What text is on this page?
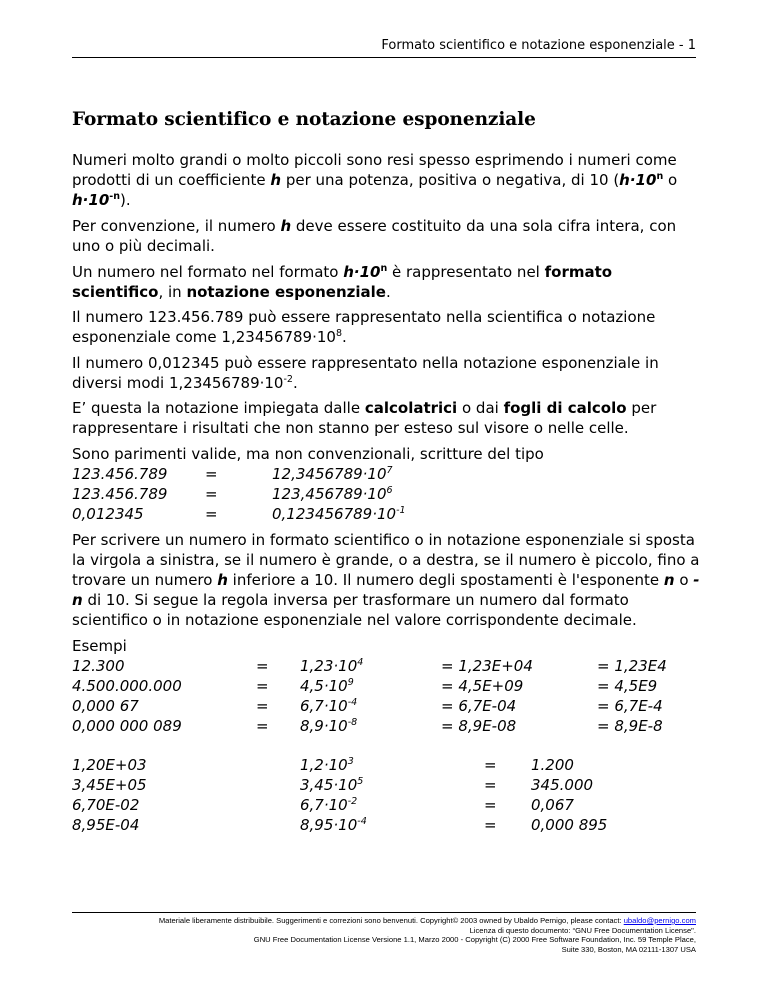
Formato scientifico e notazione esponenziale - 1
Formato scientifico e notazione esponenziale
Numeri molto grandi o molto piccoli sono resi spesso esprimendo i numeri come prodotti di un coefficiente h per una potenza, positiva o negativa, di 10 ($h\cdot 10^n$ o $h\cdot 10^{-n}$).
Per convenzione, il numero h deve essere costituito da una sola cifra intera, con uno o più decimali.
Un numero nel formato nel formato $h\cdot 10^n$ è rappresentato nel formato scientifico, in notazione esponenziale.
Il numero 123.456.789 può essere rappresentato nella scientifica o notazione esponenziale come $1,23456789\cdot 10^8$.
Il numero 0,012345 può essere rappresentato nella notazione esponenziale in diversi modi $1,23456789\cdot 10^{-2}$.
E’ questa la notazione impiegata dalle calcolatrici o dai fogli di calcolo per rappresentare i risultati che non stanno per esteso sul visore o nelle celle.
Sono parimenti valide, ma non convenzionali, scritture del tipo
123.456.789	=	$12,3456789\cdot 10^7$
123.456.789	=	$123,456789\cdot 10^6$
0,012345	=	$0,123456789\cdot 10^{-1}$
Per scrivere un numero in formato scientifico o in notazione esponenziale si sposta la virgola a sinistra, se il numero è grande, o a destra, se il numero è piccolo, fino a trovare un numero h inferiore a 10. Il numero degli spostamenti è l'esponente n o -n di 10. Si segue la regola inversa per trasformare un numero dal formato scientifico o in notazione esponenziale nel valore corrispondente decimale.
Esempi
12.300	= $1,23\cdot 10^4$	= 1,23E+04	= 1,23E4
4.500.000.000	= $4,5\cdot 10^9$	= 4,5E+09	= 4,5E9
0,000 67	= $6,7\cdot 10^{-4}$	= 6,7E-04	= 6,7E-4
0,000 000 089	= $8,9\cdot 10^{-8}$	= 8,9E-08	= 8,9E-8
1,20E+03	$1,2\cdot 10^3$	= 1.200
3,45E+05	$3,45\cdot 10^5$	= 345.000
6,70E-02	$6,7\cdot 10^{-2}$	= 0,067
8,95E-04	$8,95\cdot 10^{-4}$	= 0,000 895
Materiale liberamente distribuibile. Suggerimenti e correzioni sono benvenuti. Copyright© 2003 owned by Ubaldo Pernigo, please contact: ubaldo@pernigo.com
Licenza di questo documento: “GNU Free Documentation License".
GNU Free Documentation License Versione 1.1, Marzo 2000 - Copyright (C) 2000 Free Software Foundation, Inc. 59 Temple Place,
Suite 330, Boston, MA 02111-1307 USA
